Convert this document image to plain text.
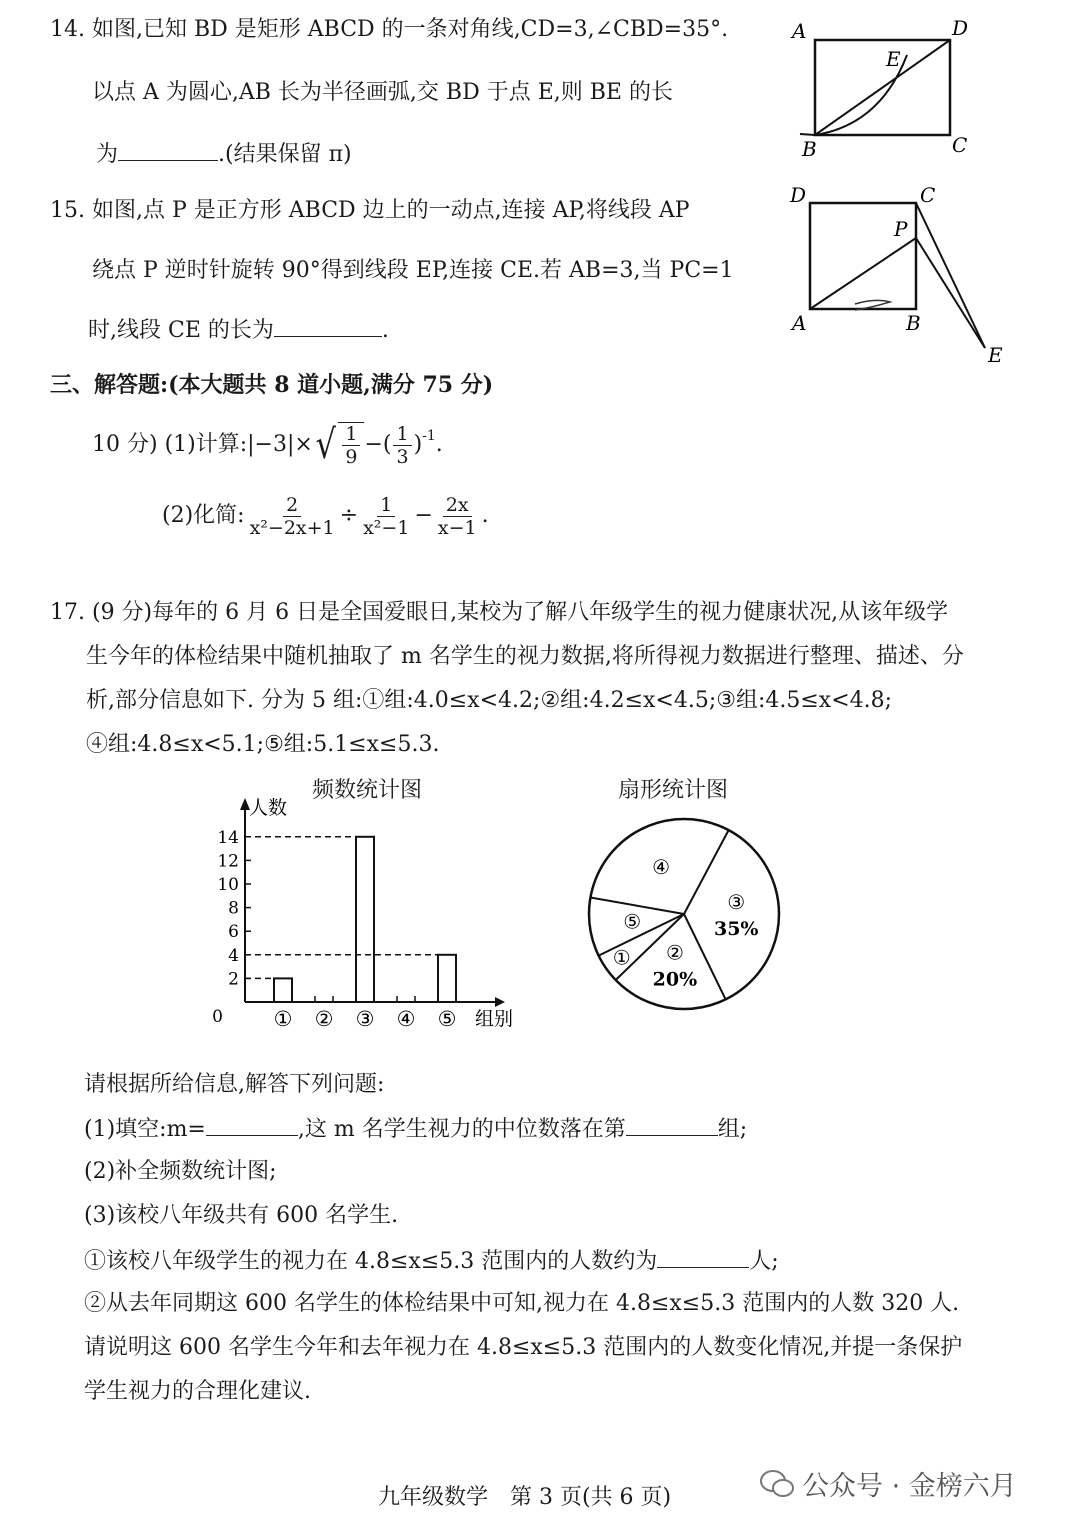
14. 如图,已知 BD 是矩形 ABCD 的一条对角线,CD=3,∠CBD=35°.
以点 A 为圆心,AB 长为半径画弧,交 BD 于点 E,则 BE 的长
为	.(结果保留 π)
A	D
E
B	C
15. 如图,点 P 是正方形 ABCD 边上的一动点,连接 AP,将线段 AP
绕点 P 逆时针旋转 90°得到线段 EP,连接 CE.若 AB=3,当 PC=1
时,线段 CE 的长为	.
D	C
P
A	B
E
三、解答题:(本大题共 8 道小题,满分 75 分)
10 分) (1)计算: |−3| × √ $\frac{1}{9}$ −( $\frac{1}{3}$ ) -1 .
(2)化简: $\frac{2}{\text{x²−2x+1}} \div \frac{1}{\text{x²−1}} - \frac{2x}{x-1}$ .
17. (9 分)每年的 6 月 6 日是全国爱眼日,某校为了解八年级学生的视力健康状况,从该年级学
生今年的体检结果中随机抽取了 m 名学生的视力数据,将所得视力数据进行整理、描述、分
析,部分信息如下. 分为 5 组:①组:4.0≤x<4.2;②组:4.2≤x<4.5;③组:4.5≤x<4.8;
④组:4.8≤x<5.1;⑤组:5.1≤x≤5.3.
频数统计图	扇形统计图
人数
组别
0
2
4
6
8
10
12
14
① ② ③ ④ ⑤
③
35%
②
20%
①
⑤
④
请根据所给信息,解答下列问题:
(1)填空:m=	,这 m 名学生视力的中位数落在第	组;
(2)补全频数统计图;
(3)该校八年级共有 600 名学生.
①该校八年级学生的视力在 4.8≤x≤5.3 范围内的人数约为	人;
②从去年同期这 600 名学生的体检结果中可知,视力在 4.8≤x≤5.3 范围内的人数 320 人.
请说明这 600 名学生今年和去年视力在 4.8≤x≤5.3 范围内的人数变化情况,并提一条保护
学生视力的合理化建议.
九年级数学　第 3 页(共 6 页)	公众号 · 金榜六月
